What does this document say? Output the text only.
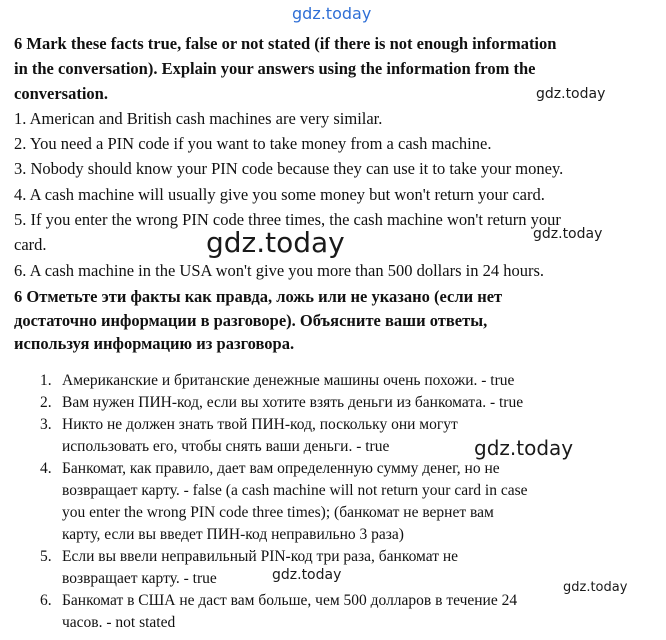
gdz.today
gdz.today
gdz.today	gdz.today
gdz.today
gdz.today
gdz.today
6 Mark these facts true, false or not stated (if there is not enough information
in the conversation). Explain your answers using the information from the
conversation.
1. American and British cash machines are very similar.
2. You need a PIN code if you want to take money from a cash machine.
3. Nobody should know your PIN code because they can use it to take your money.
4. A cash machine will usually give you some money but won't return your card.
5. If you enter the wrong PIN code three times, the cash machine won't return your
card.
6. A cash machine in the USA won't give you more than 500 dollars in 24 hours.
6 Отметьте эти факты как правда, ложь или не указано (если нет
достаточно информации в разговоре). Объясните ваши ответы,
используя информацию из разговора.
1. Американские и британские денежные машины очень похожи. - true
2. Вам нужен ПИН-код, если вы хотите взять деньги из банкомата. - true
3. Никто не должен знать твой ПИН-код, поскольку они могут
использовать его, чтобы снять ваши деньги. - true
4. Банкомат, как правило, дает вам определенную сумму денег, но не
возвращает карту. - false (a cash machine will not return your card in case
you enter the wrong PIN code three times); (банкомат не вернет вам
карту, если вы введет ПИН-код неправильно 3 раза)
5. Если вы ввели неправильный PIN-код три раза, банкомат не
возвращает карту. - true
6. Банкомат в США не даст вам больше, чем 500 долларов в течение 24
часов. - not stated
